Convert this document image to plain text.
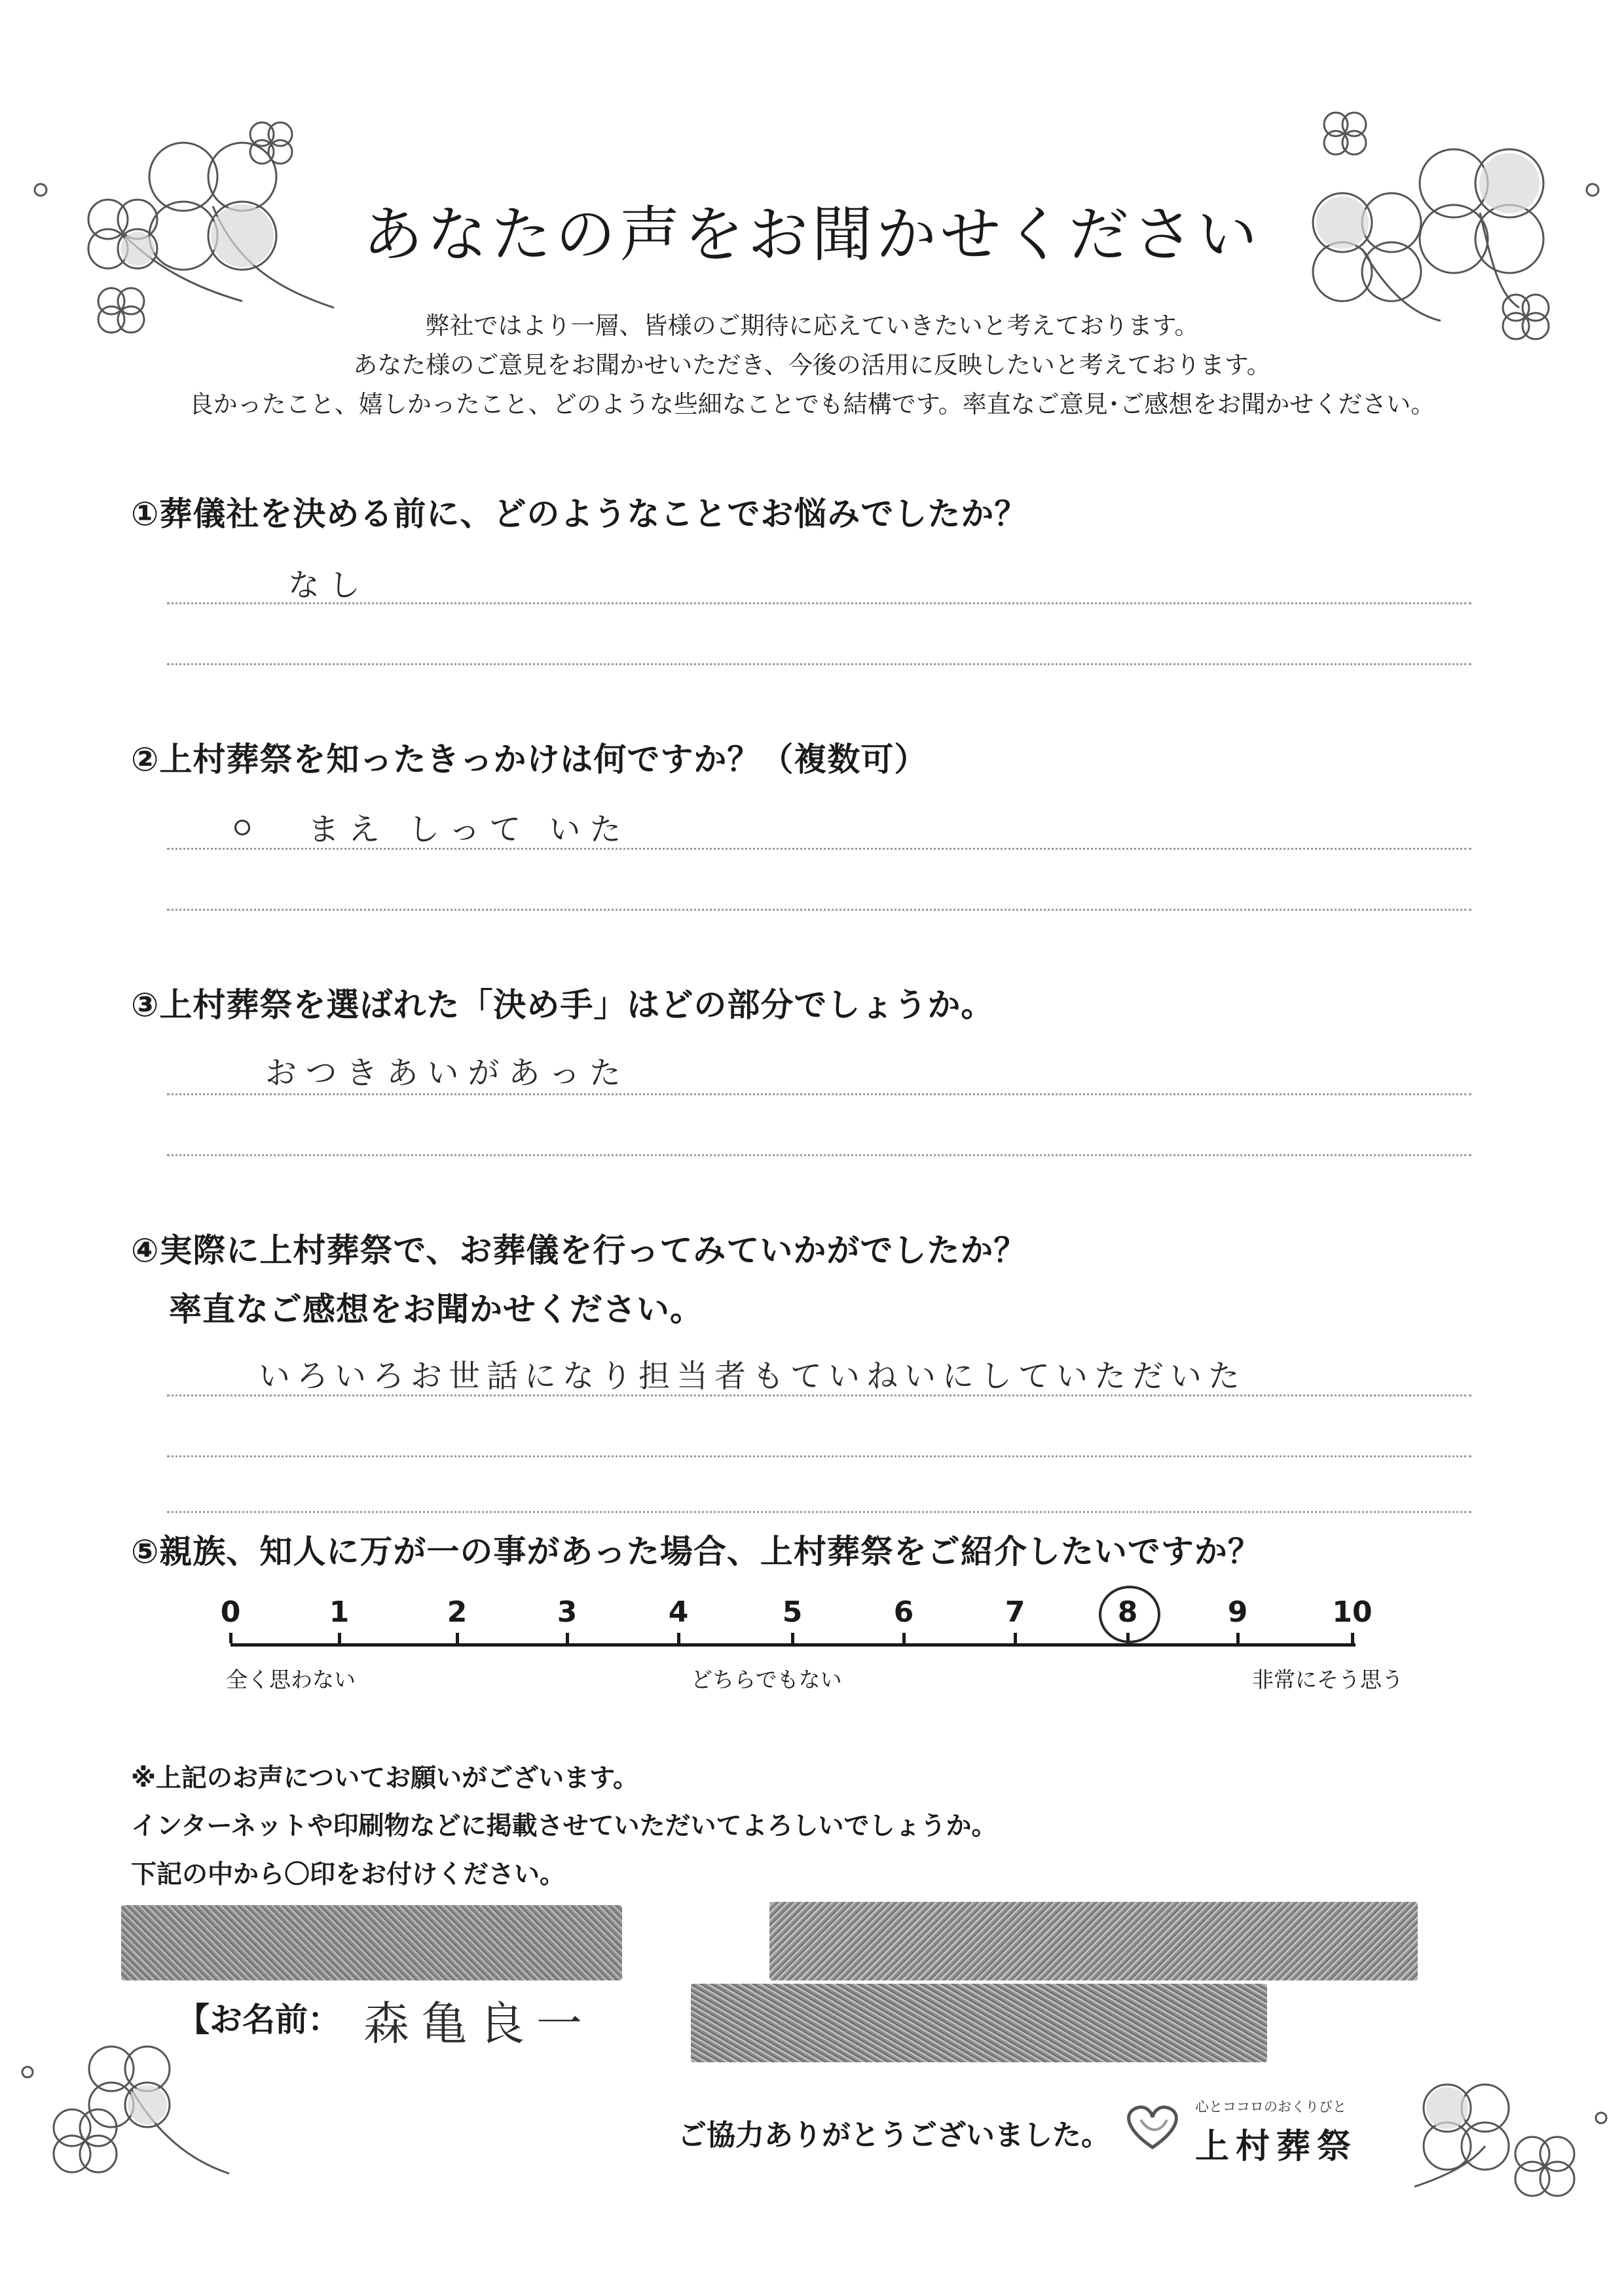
あなたの声をお聞かせください
弊社ではより一層、皆様のご期待に応えていきたいと考えております。
あなた様のご意見をお聞かせいただき、今後の活用に反映したいと考えております。
良かったこと、嬉しかったこと、どのような些細なことでも結構です。率直なご意見･ご感想をお聞かせください。
①葬儀社を決める前に、どのようなことでお悩みでしたか？
なし
②上村葬祭を知ったきっかけは何ですか？（複数可）
まえ しって いた
③上村葬祭を選ばれた「決め手」はどの部分でしょうか。
おつきあいがあった
④実際に上村葬祭で、お葬儀を行ってみていかがでしたか？
率直なご感想をお聞かせください。
いろいろお世話になり担当者もていねいにしていただいた
⑤親族、知人に万が一の事があった場合、上村葬祭をご紹介したいですか？
0	1	2	3	4	5	6	7	8	9	10
全く思わない	どちらでもない	非常にそう思う
※上記のお声についてお願いがございます。
インターネットや印刷物などに掲載させていただいてよろしいでしょうか。
下記の中から〇印をお付けください。
【お名前： 森亀良一
ご協力ありがとうございました。
心とココロのおくりびと
上村葬祭
